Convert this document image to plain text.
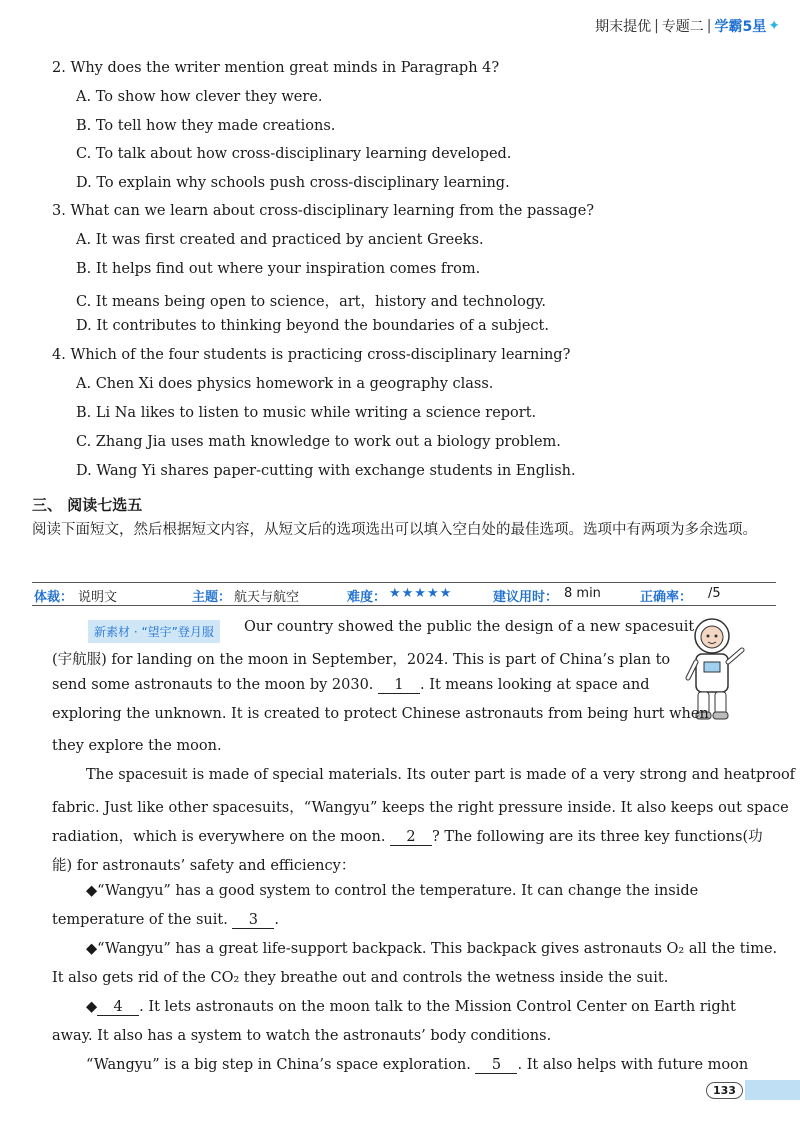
期末提优 | 专题二 | 学霸5星 ✦
2. Why does the writer mention great minds in Paragraph 4?
A. To show how clever they were.
B. To tell how they made creations.
C. To talk about how cross-disciplinary learning developed.
D. To explain why schools push cross-disciplinary learning.
3. What can we learn about cross-disciplinary learning from the passage?
A. It was first created and practiced by ancient Greeks.
B. It helps find out where your inspiration comes from.
C. It means being open to science，art，history and technology.
D. It contributes to thinking beyond the boundaries of a subject.
4. Which of the four students is practicing cross-disciplinary learning?
A. Chen Xi does physics homework in a geography class.
B. Li Na likes to listen to music while writing a science report.
C. Zhang Jia uses math knowledge to work out a biology problem.
D. Wang Yi shares paper-cutting with exchange students in English.
三、 阅读七选五
阅读下面短文，然后根据短文内容，从短文后的选项选出可以填入空白处的最佳选项。选项中有两项为多余选项。
体裁： 说明文	主题： 航天与航空	难度： ★★★★★	建议用时： 8 min	正确率： /5
新素材 · “望宇”登月服	Our country showed the public the design of a new spacesuit
(宇航服) for landing on the moon in September，2024. This is part of China’s plan to
send some astronauts to the moon by 2030. 1 . It means looking at space and
exploring the unknown. It is created to protect Chinese astronauts from being hurt when
they explore the moon.
The spacesuit is made of special materials. Its outer part is made of a very strong and heatproof
fabric. Just like other spacesuits，“Wangyu” keeps the right pressure inside. It also keeps out space
radiation，which is everywhere on the moon. 2 ? The following are its three key functions(功
能) for astronauts’ safety and efficiency：
◆“Wangyu” has a good system to control the temperature. It can change the inside
temperature of the suit. 3 .
◆“Wangyu” has a great life-support backpack. This backpack gives astronauts O₂ all the time.
It also gets rid of the CO₂ they breathe out and controls the wetness inside the suit.
◆ 4 . It lets astronauts on the moon talk to the Mission Control Center on Earth right
away. It also has a system to watch the astronauts’ body conditions.
“Wangyu” is a big step in China’s space exploration. 5 . It also helps with future moon
133
